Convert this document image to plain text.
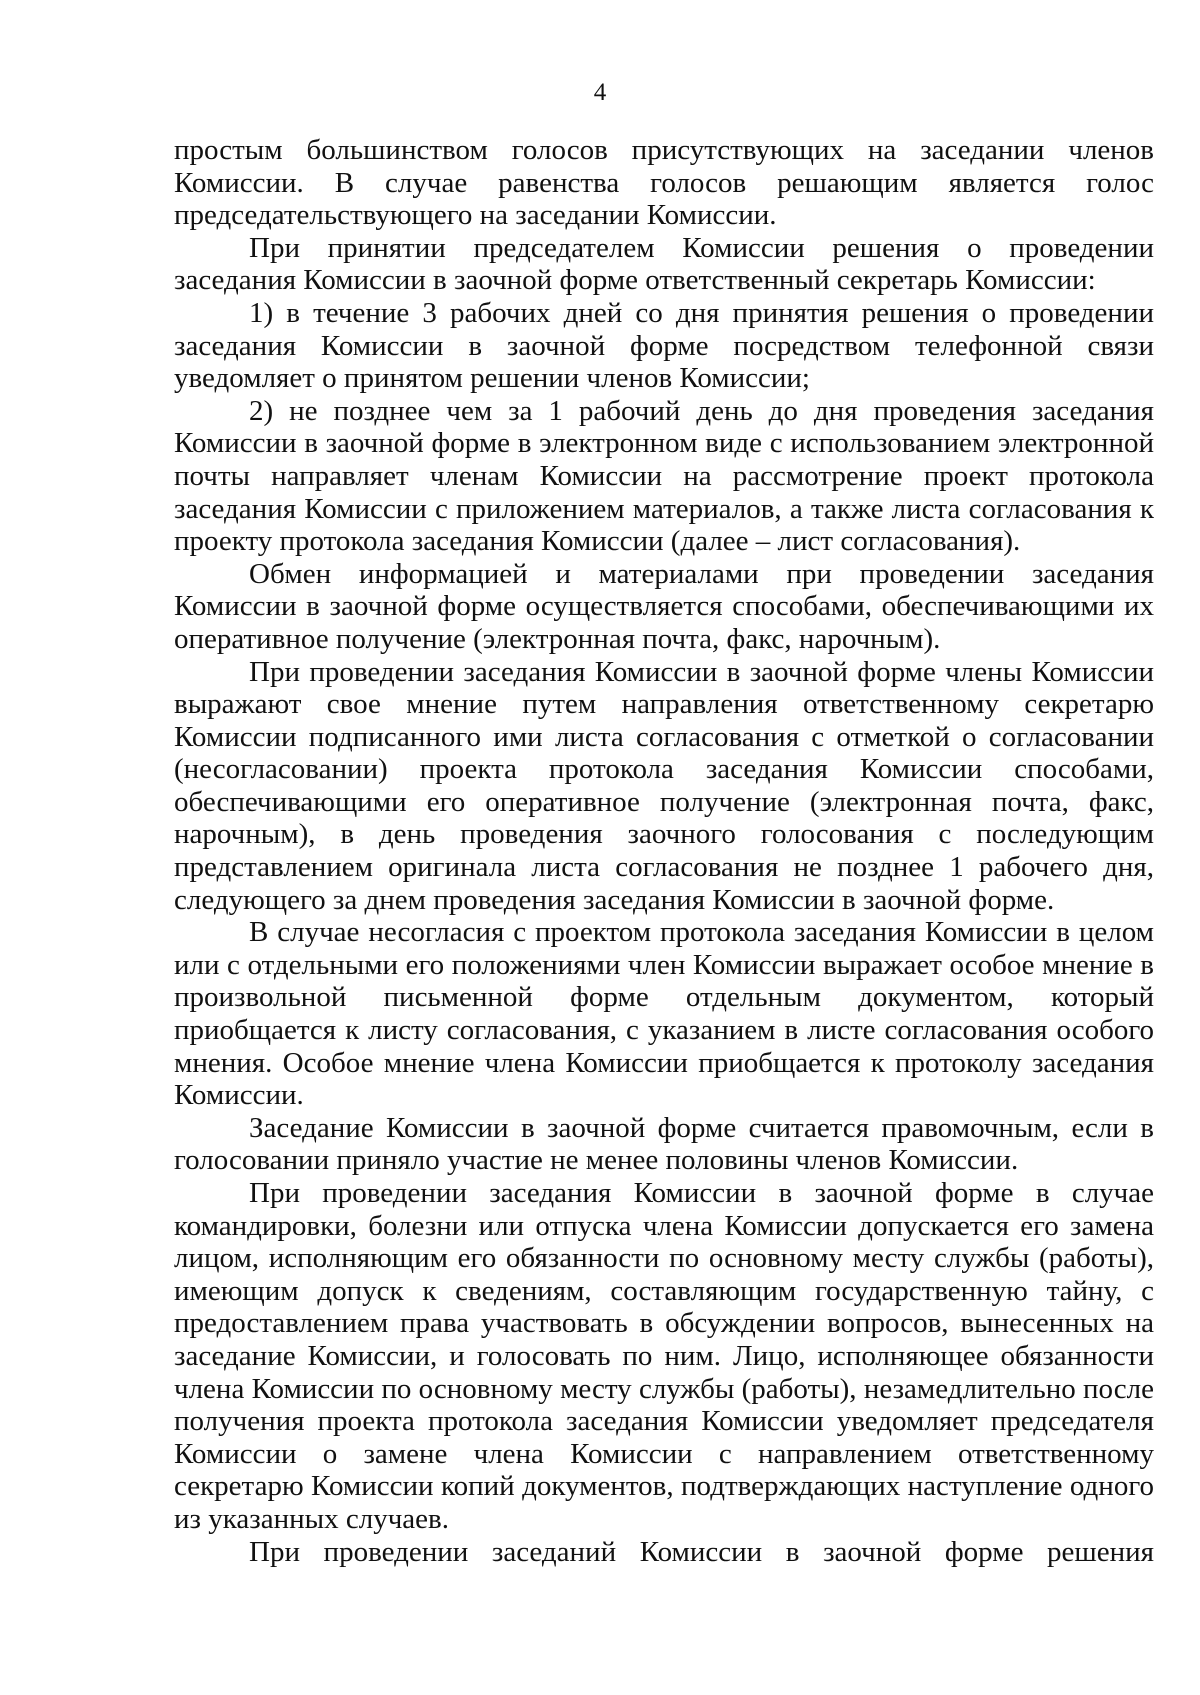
4

простым большинством голосов присутствующих на заседании членов Комиссии. В случае равенства голосов решающим является голос председательствующего на заседании Комиссии.

При принятии председателем Комиссии решения о проведении заседания Комиссии в заочной форме ответственный секретарь Комиссии:

1) в течение 3 рабочих дней со дня принятия решения о проведении заседания Комиссии в заочной форме посредством телефонной связи уведомляет о принятом решении членов Комиссии;

2) не позднее чем за 1 рабочий день до дня проведения заседания Комиссии в заочной форме в электронном виде с использованием электронной почты направляет членам Комиссии на рассмотрение проект протокола заседания Комиссии с приложением материалов, а также листа согласования к проекту протокола заседания Комиссии (далее – лист согласования).

Обмен информацией и материалами при проведении заседания Комиссии в заочной форме осуществляется способами, обеспечивающими их оперативное получение (электронная почта, факс, нарочным).

При проведении заседания Комиссии в заочной форме члены Комиссии выражают свое мнение путем направления ответственному секретарю Комиссии подписанного ими листа согласования с отметкой о согласовании (несогласовании) проекта протокола заседания Комиссии способами, обеспечивающими его оперативное получение (электронная почта, факс, нарочным), в день проведения заочного голосования с последующим представлением оригинала листа согласования не позднее 1 рабочего дня, следующего за днем проведения заседания Комиссии в заочной форме.

В случае несогласия с проектом протокола заседания Комиссии в целом или с отдельными его положениями член Комиссии выражает особое мнение в произвольной письменной форме отдельным документом, который приобщается к листу согласования, с указанием в листе согласования особого мнения. Особое мнение члена Комиссии приобщается к протоколу заседания Комиссии.

Заседание Комиссии в заочной форме считается правомочным, если в голосовании приняло участие не менее половины членов Комиссии.

При проведении заседания Комиссии в заочной форме в случае командировки, болезни или отпуска члена Комиссии допускается его замена лицом, исполняющим его обязанности по основному месту службы (работы), имеющим допуск к сведениям, составляющим государственную тайну, с предоставлением права участвовать в обсуждении вопросов, вынесенных на заседание Комиссии, и голосовать по ним. Лицо, исполняющее обязанности члена Комиссии по основному месту службы (работы), незамедлительно после получения проекта протокола заседания Комиссии уведомляет председателя Комиссии о замене члена Комиссии с направлением ответственному секретарю Комиссии копий документов, подтверждающих наступление одного из указанных случаев.

При проведении заседаний Комиссии в заочной форме решения
